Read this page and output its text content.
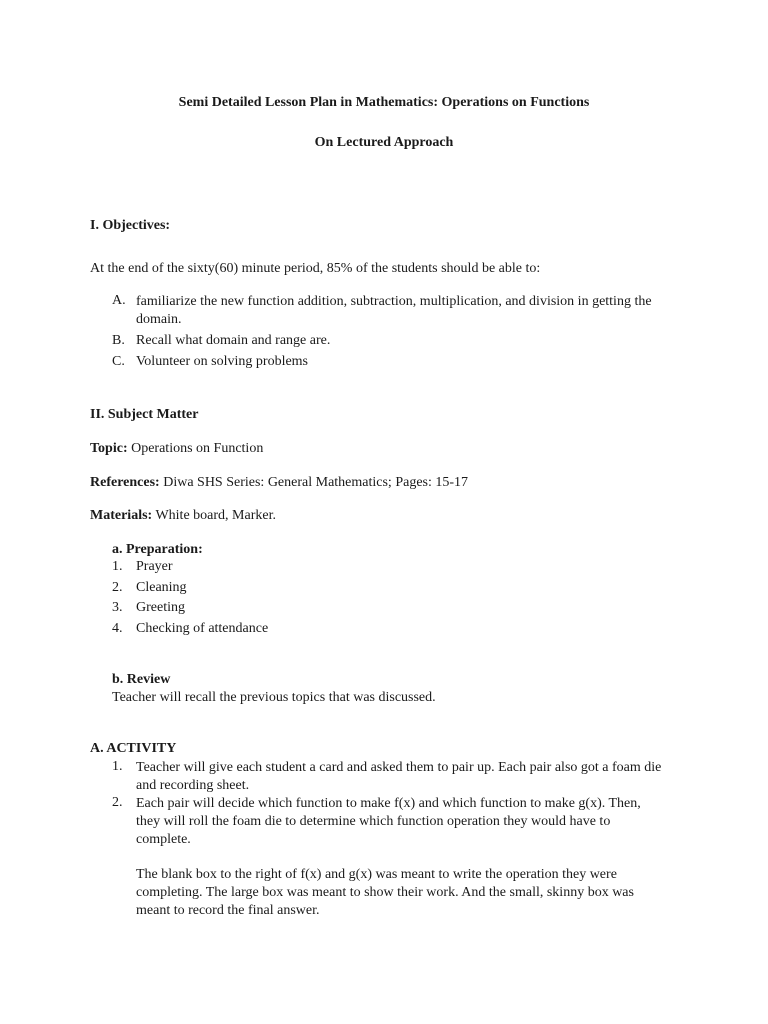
Semi Detailed Lesson Plan in Mathematics: Operations on Functions
On Lectured Approach
I. Objectives:
At the end of the sixty(60) minute period, 85% of the students should be able to:
A. familiarize the new function addition, subtraction, multiplication, and division in getting the domain.
B. Recall what domain and range are.
C. Volunteer on solving problems
II. Subject Matter
Topic: Operations on Function
References: Diwa SHS Series: General Mathematics; Pages: 15-17
Materials: White board, Marker.
a. Preparation:
1. Prayer
2. Cleaning
3. Greeting
4. Checking of attendance
b. Review
Teacher will recall the previous topics that was discussed.
A. ACTIVITY
1. Teacher will give each student a card and asked them to pair up. Each pair also got a foam die and recording sheet.
2. Each pair will decide which function to make f(x) and which function to make g(x). Then, they will roll the foam die to determine which function operation they would have to complete.
The blank box to the right of f(x) and g(x) was meant to write the operation they were completing. The large box was meant to show their work. And the small, skinny box was meant to record the final answer.
